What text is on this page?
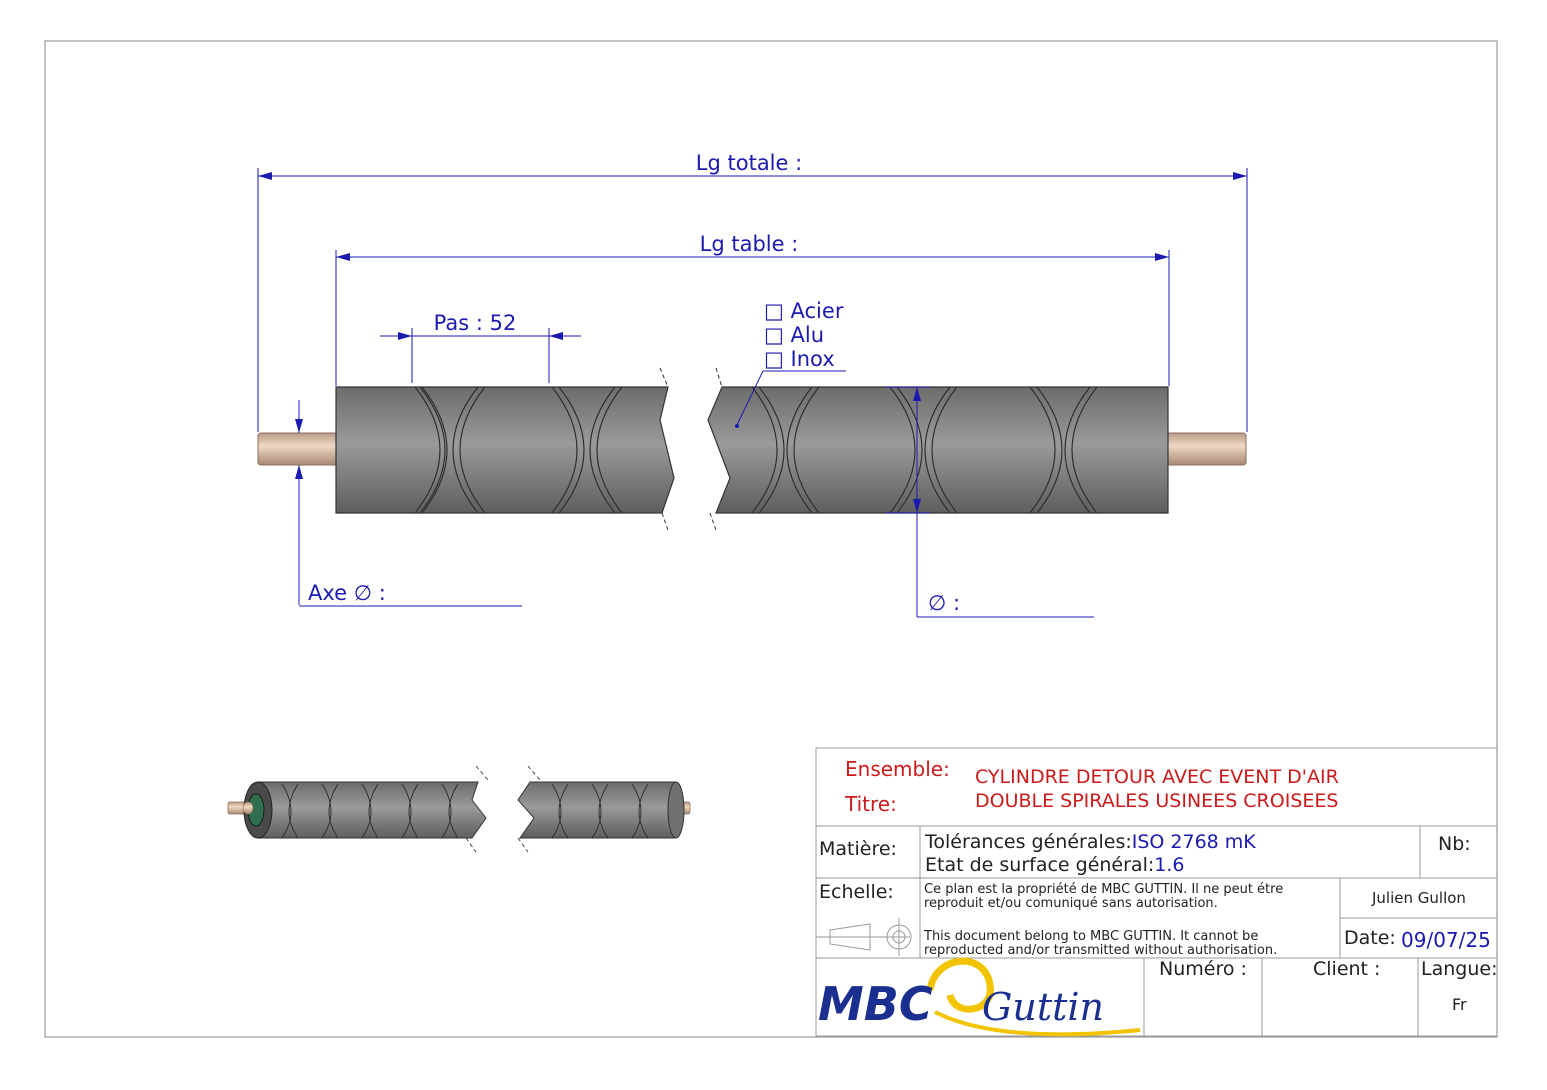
Lg totale :
Lg table :
Pas : 52
Axe ∅ :	∅ :
□ Acier
□ Alu
□ Inox
MBC Guttin
Ensemble:
Titre:
CYLINDRE DETOUR AVEC EVENT D'AIR
DOUBLE SPIRALES USINEES CROISEES
Matière: Tolérances générales:ISO 2768 mK
Etat de surface général:1.6
Nb:
Echelle: Ce plan est la propriété de MBC GUTTIN. Il ne peut étre reproduit et/ou comuniqué sans autorisation.
This document belong to MBC GUTTIN. It cannot be reproducted and/or transmitted without authorisation.
Julien Gullon
Date: 09/07/25
Numéro :	Client : Langue:
Fr
